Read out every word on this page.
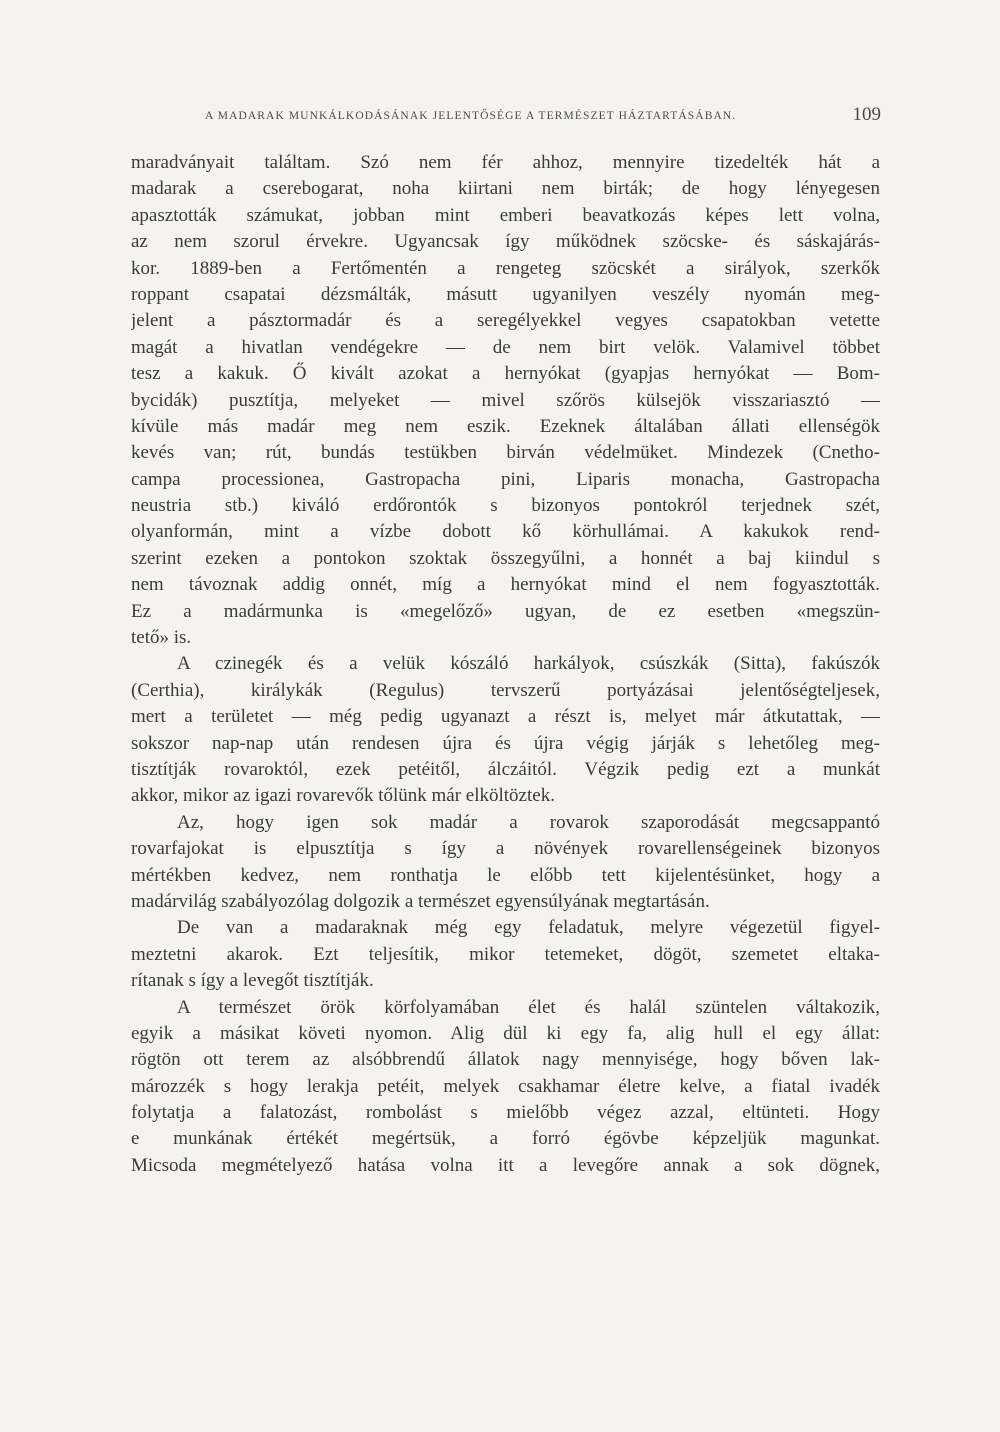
A MADARAK MUNKÁLKODÁSÁNAK JELENTŐSÉGE A TERMÉSZET HÁZTARTÁSÁBAN.	109
maradványait találtam. Szó nem fér ahhoz, mennyire tizedelték hát a
madarak a cserebogarat, noha kiirtani nem birták; de hogy lényegesen
apasztották számukat, jobban mint emberi beavatkozás képes lett volna,
az nem szorul érvekre. Ugyancsak így működnek szöcske- és sáskajárás-
kor. 1889-ben a Fertőmentén a rengeteg szöcskét a sirályok, szerkők
roppant csapatai dézsmálták, másutt ugyanilyen veszély nyomán meg-
jelent a pásztormadár és a seregélyekkel vegyes csapatokban vetette
magát a hivatlan vendégekre — de nem birt velök. Valamivel többet
tesz a kakuk. Ő kivált azokat a hernyókat (gyapjas hernyókat — Bom-
bycidák) pusztítja, melyeket — mivel szőrös külsejök visszariasztó —
kívüle más madár meg nem eszik. Ezeknek általában állati ellenségök
kevés van; rút, bundás testükben birván védelmüket. Mindezek (Cnetho-
campa processionea, Gastropacha pini, Liparis monacha, Gastropacha
neustria stb.) kiváló erdőrontók s bizonyos pontokról terjednek szét,
olyanformán, mint a vízbe dobott kő körhullámai. A kakukok rend-
szerint ezeken a pontokon szoktak összegyűlni, a honnét a baj kiindul s
nem távoznak addig onnét, míg a hernyókat mind el nem fogyasztották.
Ez a madármunka is «megelőző» ugyan, de ez esetben «megszün-
tető» is.
A czinegék és a velük kószáló harkályok, csúszkák (Sitta), fakúszók
(Certhia), királykák (Regulus) tervszerű portyázásai jelentőségteljesek,
mert a területet — még pedig ugyanazt a részt is, melyet már átkutattak, —
sokszor nap-nap után rendesen újra és újra végig járják s lehetőleg meg-
tisztítják rovaroktól, ezek petéitől, álczáitól. Végzik pedig ezt a munkát
akkor, mikor az igazi rovarevők tőlünk már elköltöztek.
Az, hogy igen sok madár a rovarok szaporodását megcsappantó
rovarfajokat is elpusztítja s így a növények rovarellenségeinek bizonyos
mértékben kedvez, nem ronthatja le előbb tett kijelentésünket, hogy a
madárvilág szabályozólag dolgozik a természet egyensúlyának megtartásán.
De van a madaraknak még egy feladatuk, melyre végezetül figyel-
meztetni akarok. Ezt teljesítik, mikor tetemeket, dögöt, szemetet eltaka-
rítanak s így a levegőt tisztítják.
A természet örök körfolyamában élet és halál szüntelen váltakozik,
egyik a másikat követi nyomon. Alig dül ki egy fa, alig hull el egy állat:
rögtön ott terem az alsóbbrendű állatok nagy mennyisége, hogy bőven lak-
mározzék s hogy lerakja petéit, melyek csakhamar életre kelve, a fiatal ivadék
folytatja a falatozást, rombolást s mielőbb végez azzal, eltünteti. Hogy
e munkának értékét megértsük, a forró égövbe képzeljük magunkat.
Micsoda megmételyező hatása volna itt a levegőre annak a sok dögnek,
